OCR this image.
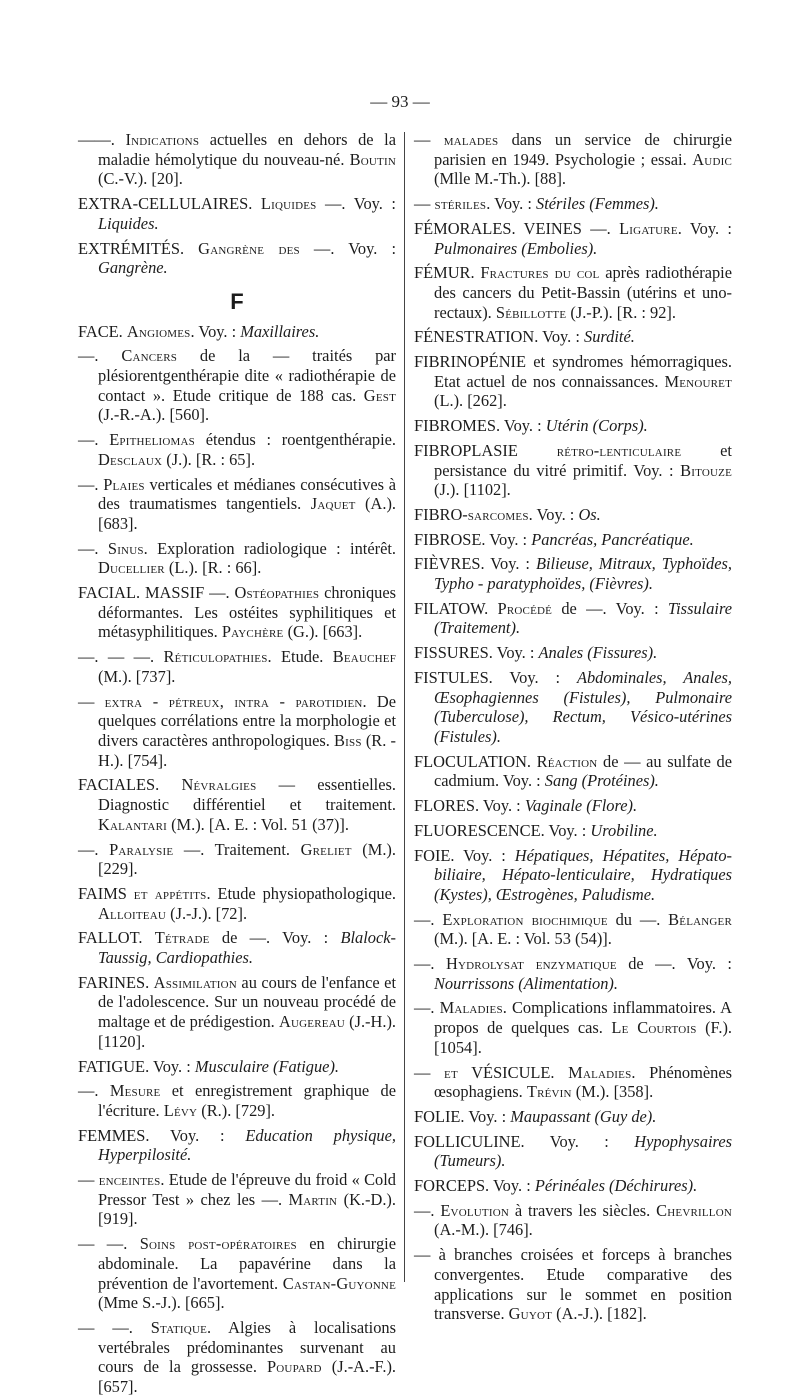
— 93 —

——. Indications actuelles en dehors de la maladie hémolytique du nouveau-né. Boutin (C.-V.). [20].

EXTRA-CELLULAIRES. Liquides —. Voy. : Liquides.

EXTRÉMITÉS. Gangrène des —. Voy. : Gangrène.

F

FACE. Angiomes. Voy. : Maxillaires.

—. Cancers de la — traités par plésiorentgenthérapie dite « radiothérapie de contact ». Etude critique de 188 cas. Gest (J.-R.-A.). [560].

—. Epitheliomas étendus : roentgenthérapie. Desclaux (J.). [R. : 65].

—. Plaies verticales et médianes consécutives à des traumatismes tangentiels. Jaquet (A.). [683].

—. Sinus. Exploration radiologique : intérêt. Ducellier (L.). [R. : 66].

FACIAL. MASSIF —. Ostéopathies chroniques déformantes. Les ostéites syphilitiques et métasyphilitiques. Paychère (G.). [663].

—. — —. Réticulopathies. Etude. Beauchef (M.). [737].

— extra - pétreux, intra - parotidien. De quelques corrélations entre la morphologie et divers caractères anthropologiques. Biss (R. - H.). [754].

FACIALES. Névralgies — essentielles. Diagnostic différentiel et traitement. Kalantari (M.). [A. E. : Vol. 51 (37)].

—. Paralysie —. Traitement. Greliet (M.). [229].

FAIMS et appétits. Etude physiopathologique. Alloiteau (J.-J.). [72].

FALLOT. Tétrade de —. Voy. : Blalock-Taussig, Cardiopathies.

FARINES. Assimilation au cours de l'enfance et de l'adolescence. Sur un nouveau procédé de maltage et de prédigestion. Augereau (J.-H.). [1120].

FATIGUE. Voy. : Musculaire (Fatigue).

—. Mesure et enregistrement graphique de l'écriture. Lévy (R.). [729].

FEMMES. Voy. : Education physique, Hyperpilosité.

— enceintes. Etude de l'épreuve du froid « Cold Pressor Test » chez les —. Martin (K.-D.). [919].

— —. Soins post-opératoires en chirurgie abdominale. La papavérine dans la prévention de l'avortement. Castan-Guyonne (Mme S.-J.). [665].

— —. Statique. Algies à localisations vertébrales prédominantes survenant au cours de la grossesse. Poupard (J.-A.-F.). [657].

— malades dans un service de chirurgie parisien en 1949. Psychologie ; essai. Audic (Mlle M.-Th.). [88].

— stériles. Voy. : Stériles (Femmes).

FÉMORALES. VEINES —. Ligature. Voy. : Pulmonaires (Embolies).

FÉMUR. Fractures du col après radiothérapie des cancers du Petit-Bassin (utérins et uno-rectaux). Sébillotte (J.-P.). [R. : 92].

FÉNESTRATION. Voy. : Surdité.

FIBRINOPÉNIE et syndromes hémorragiques. Etat actuel de nos connaissances. Menouret (L.). [262].

FIBROMES. Voy. : Utérin (Corps).

FIBROPLASIE rétro-lenticulaire et persistance du vitré primitif. Voy. : Bitouze (J.). [1102].

FIBRO-sarcomes. Voy. : Os.

FIBROSE. Voy. : Pancréas, Pancréatique.

FIÈVRES. Voy. : Bilieuse, Mitraux, Typhoïdes, Typho - paratyphoïdes, (Fièvres).

FILATOW. Procédé de —. Voy. : Tissulaire (Traitement).

FISSURES. Voy. : Anales (Fissures).

FISTULES. Voy. : Abdominales, Anales, Œsophagiennes (Fistules), Pulmonaire (Tuberculose), Rectum, Vésico-utérines (Fistules).

FLOCULATION. Réaction de — au sulfate de cadmium. Voy. : Sang (Protéines).

FLORES. Voy. : Vaginale (Flore).

FLUORESCENCE. Voy. : Urobiline.

FOIE. Voy. : Hépatiques, Hépatites, Hépato-biliaire, Hépato-lenticulaire, Hydratiques (Kystes), Œstrogènes, Paludisme.

—. Exploration biochimique du —. Bélanger (M.). [A. E. : Vol. 53 (54)].

—. Hydrolysat enzymatique de —. Voy. : Nourrissons (Alimentation).

—. Maladies. Complications inflammatoires. A propos de quelques cas. Le Courtois (F.). [1054].

— et VÉSICULE. Maladies. Phénomènes œsophagiens. Trévin (M.). [358].

FOLIE. Voy. : Maupassant (Guy de).

FOLLICULINE. Voy. : Hypophysaires (Tumeurs).

FORCEPS. Voy. : Périnéales (Déchirures).

—. Evolution à travers les siècles. Chevrillon (A.-M.). [746].

— à branches croisées et forceps à branches convergentes. Etude comparative des applications sur le sommet en position transverse. Guyot (A.-J.). [182].
